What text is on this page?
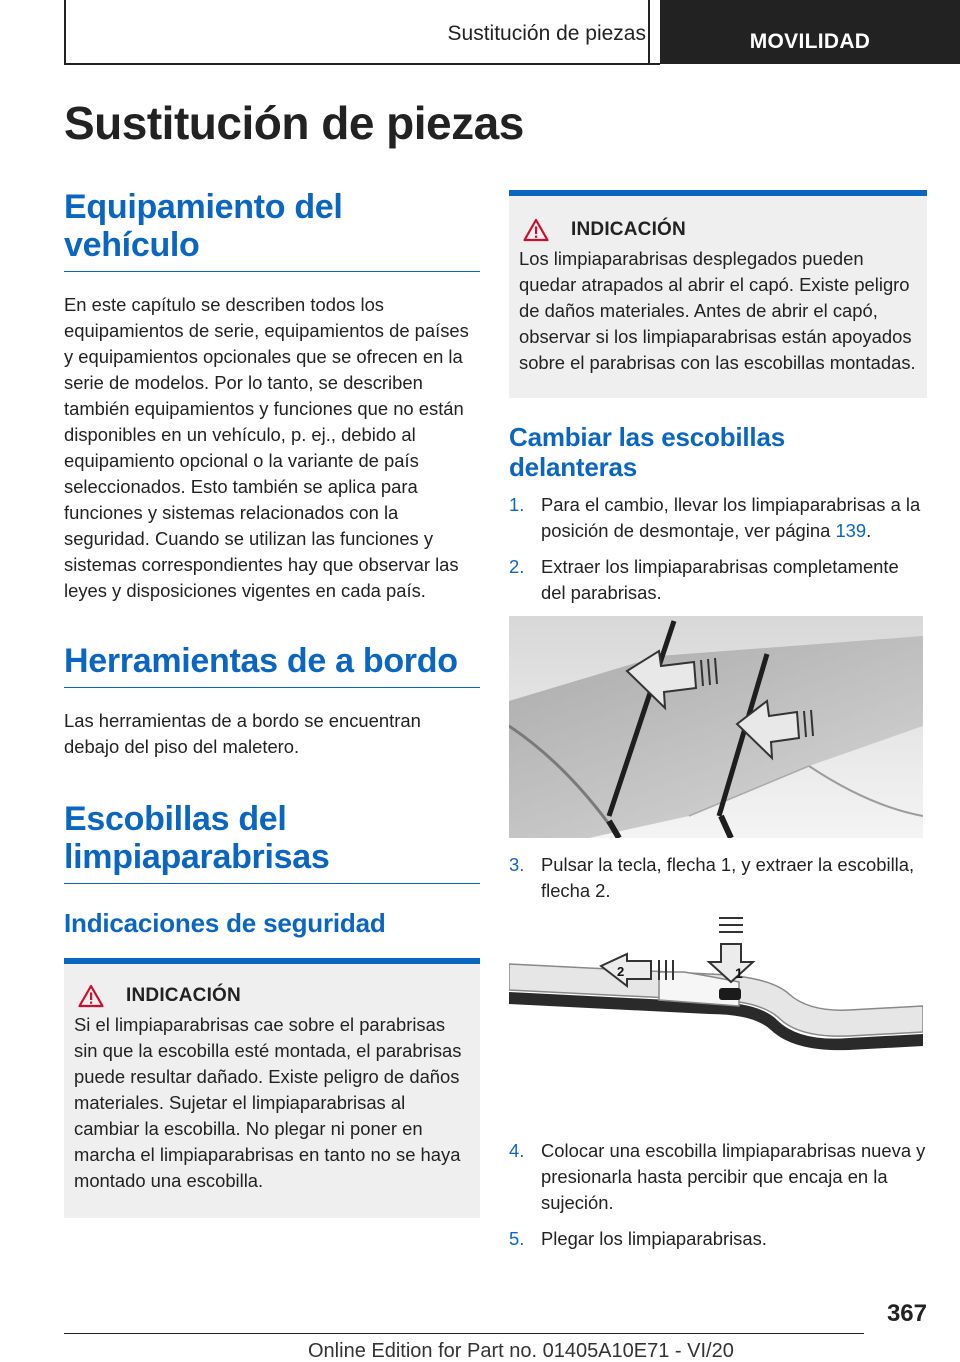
Sustitución de piezas	MOVILIDAD
Sustitución de piezas
Equipamiento del vehículo

En este capítulo se describen todos los equipamientos de serie, equipamientos de países y equipamientos opcionales que se ofrecen en la serie de modelos. Por lo tanto, se describen también equipamientos y funciones que no están disponibles en un vehículo, p. ej., debido al equipamiento opcional o la variante de país seleccionados. Esto también se aplica para funciones y sistemas relacionados con la seguridad. Cuando se utilizan las funciones y sistemas correspondientes hay que observar las leyes y disposiciones vigentes en cada país.

Herramientas de a bordo

Las herramientas de a bordo se encuentran debajo del piso del maletero.

Escobillas del limpiaparabrisas
Indicaciones de seguridad
INDICACIÓN

Si el limpiaparabrisas cae sobre el parabrisas sin que la escobilla esté montada, el parabrisas puede resultar dañado. Existe peligro de daños materiales. Sujetar el limpiaparabrisas al cambiar la escobilla. No plegar ni poner en marcha el limpiaparabrisas en tanto no se haya montado una escobilla.

INDICACIÓN

Los limpiaparabrisas desplegados pueden quedar atrapados al abrir el capó. Existe peligro de daños materiales. Antes de abrir el capó, observar si los limpiaparabrisas están apoyados sobre el parabrisas con las escobillas montadas.

Cambiar las escobillas delanteras
1. Para el cambio, llevar los limpiaparabrisas a la posición de desmontaje, ver página 139.
2. Extraer los limpiaparabrisas completamente del parabrisas.
3. Pulsar la tecla, flecha 1, y extraer la escobilla, flecha 2.
1
2
4. Colocar una escobilla limpiaparabrisas nueva y presionarla hasta percibir que encaja en la sujeción.
5. Plegar los limpiaparabrisas.
367
Online Edition for Part no. 01405A10E71 - VI/20
